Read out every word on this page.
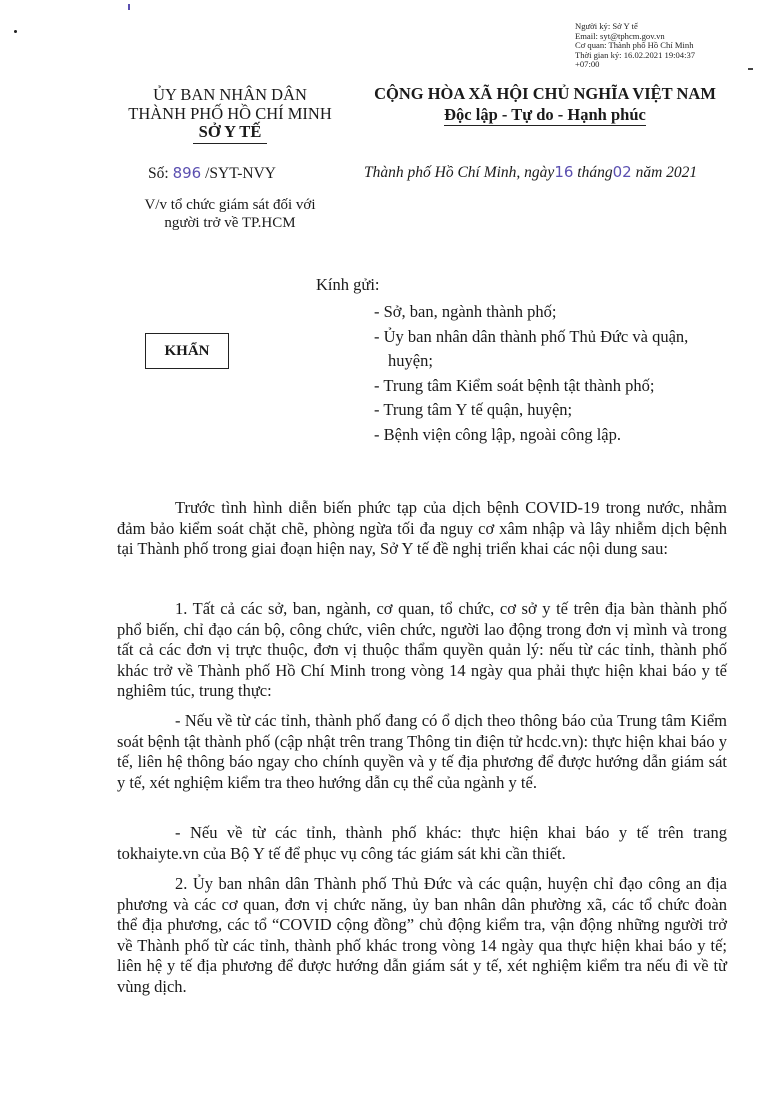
Người ký: Sở Y tế
Email: syt@tphcm.gov.vn
Cơ quan: Thành phố Hồ Chí Minh
Thời gian ký: 16.02.2021 19:04:37
+07:00
ỦY BAN NHÂN DÂN
THÀNH PHỐ HỒ CHÍ MINH
SỞ Y TẾ
CỘNG HÒA XÃ HỘI CHỦ NGHĨA VIỆT NAM
Độc lập - Tự do - Hạnh phúc
Số: 896 /SYT-NVY
V/v tổ chức giám sát đối với
người trở về TP.HCM
Thành phố Hồ Chí Minh, ngày16 tháng02 năm 2021
KHẨN
Kính gửi:
- Sở, ban, ngành thành phố;
- Ủy ban nhân dân thành phố Thủ Đức và quận,
huyện;
- Trung tâm Kiểm soát bệnh tật thành phố;
- Trung tâm Y tế quận, huyện;
- Bệnh viện công lập, ngoài công lập.

Trước tình hình diễn biến phức tạp của dịch bệnh COVID-19 trong nước, nhằm đảm bảo kiểm soát chặt chẽ, phòng ngừa tối đa nguy cơ xâm nhập và lây nhiễm dịch bệnh tại Thành phố trong giai đoạn hiện nay, Sở Y tế đề nghị triển khai các nội dung sau:

1. Tất cả các sở, ban, ngành, cơ quan, tổ chức, cơ sở y tế trên địa bàn thành phố phổ biến, chỉ đạo cán bộ, công chức, viên chức, người lao động trong đơn vị mình và trong tất cả các đơn vị trực thuộc, đơn vị thuộc thẩm quyền quản lý: nếu từ các tỉnh, thành phố khác trở về Thành phố Hồ Chí Minh trong vòng 14 ngày qua phải thực hiện khai báo y tế nghiêm túc, trung thực:

- Nếu về từ các tỉnh, thành phố đang có ổ dịch theo thông báo của Trung tâm Kiểm soát bệnh tật thành phố (cập nhật trên trang Thông tin điện tử hcdc.vn): thực hiện khai báo y tế, liên hệ thông báo ngay cho chính quyền và y tế địa phương để được hướng dẫn giám sát y tế, xét nghiệm kiểm tra theo hướng dẫn cụ thể của ngành y tế.

- Nếu về từ các tỉnh, thành phố khác: thực hiện khai báo y tế trên trang tokhaiyte.vn của Bộ Y tế để phục vụ công tác giám sát khi cần thiết.

2. Ủy ban nhân dân Thành phố Thủ Đức và các quận, huyện chỉ đạo công an địa phương và các cơ quan, đơn vị chức năng, ủy ban nhân dân phường xã, các tổ chức đoàn thể địa phương, các tổ “COVID cộng đồng” chủ động kiểm tra, vận động những người trở về Thành phố từ các tỉnh, thành phố khác trong vòng 14 ngày qua thực hiện khai báo y tế; liên hệ y tế địa phương để được hướng dẫn giám sát y tế, xét nghiệm kiểm tra nếu đi về từ vùng dịch.
